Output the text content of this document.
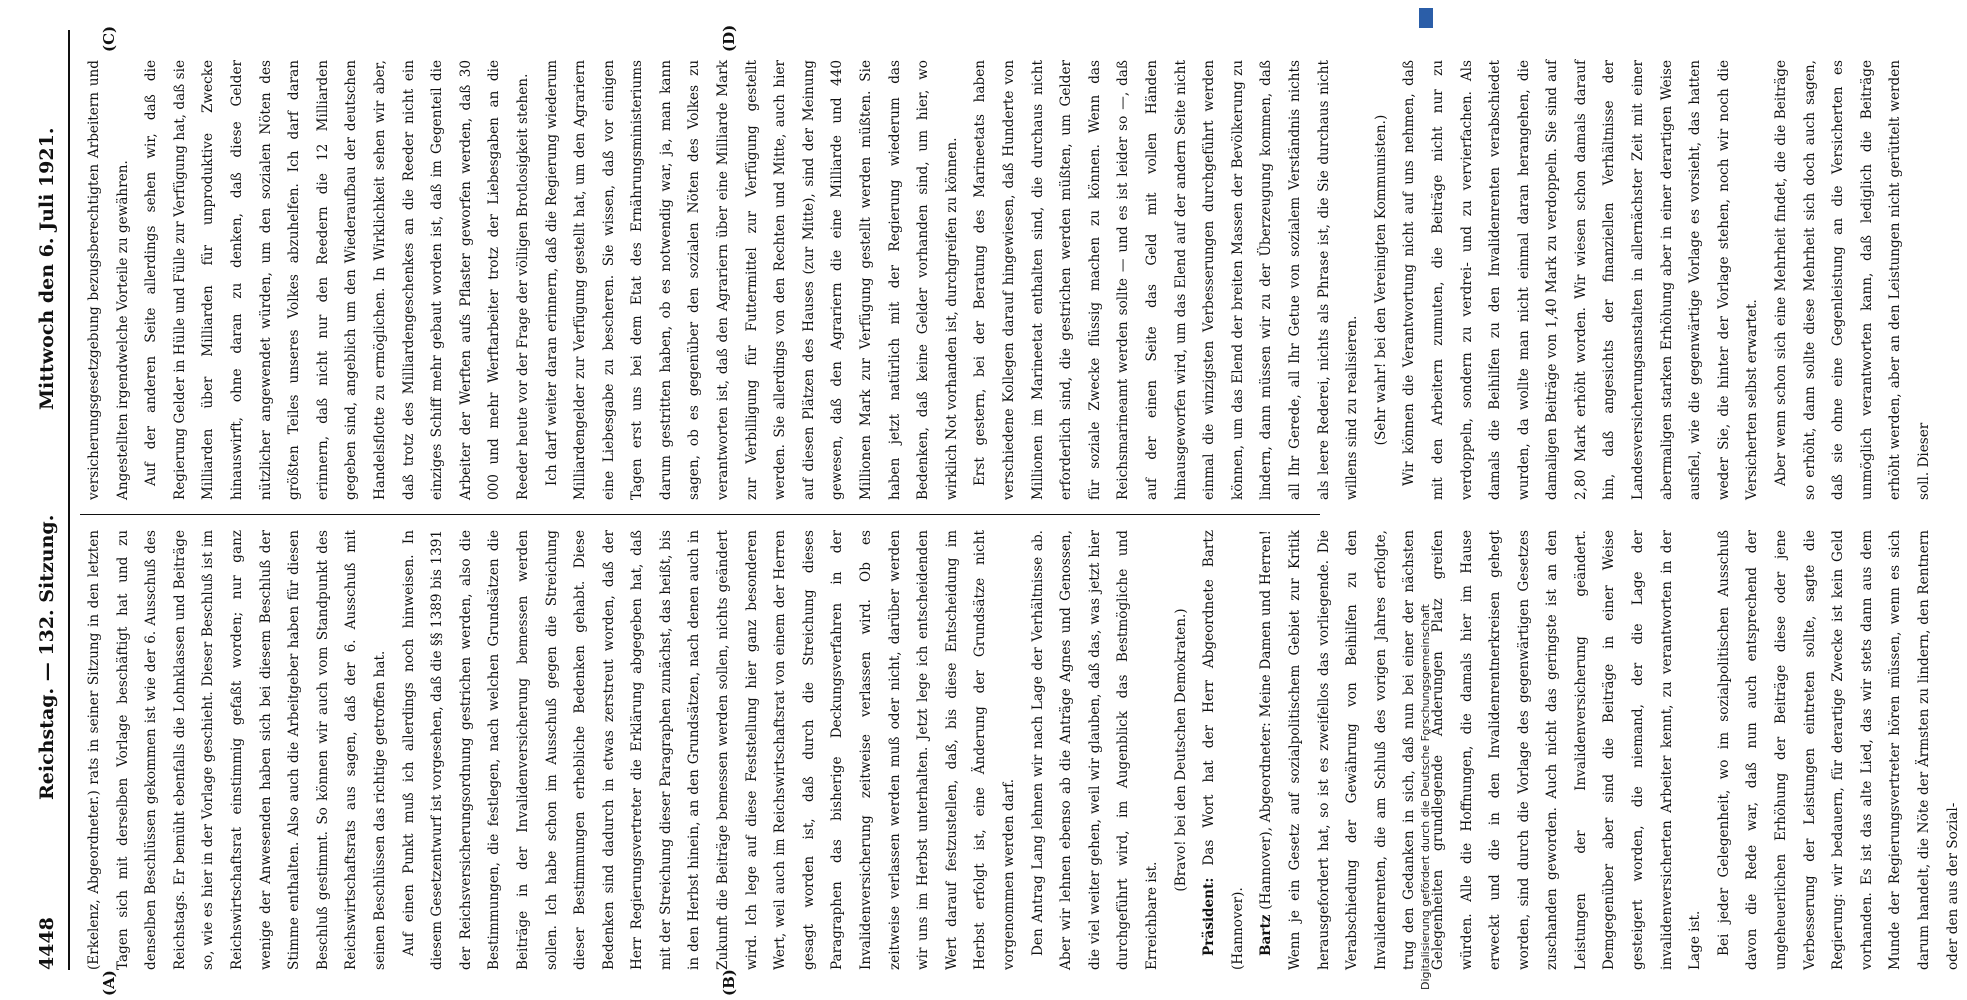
4448
Reichstag. — 132. Sitzung.
Mittwoch den 6. Juli 1921.

(Erkelenz, Abgeordneter.) rats in seiner Sitzung in den letzten Tagen sich mit derselben Vorlage beschäftigt hat und zu denselben Beschlüssen gekommen ist wie der 6. Ausschuß des Reichstags. Er bemüht ebenfalls die Lohnklassen und Beiträge so, wie es hier in der Vorlage geschieht. Dieser Beschluß ist im Reichswirtschaftsrat einstimmig gefaßt worden; nur ganz wenige der Anwesenden haben sich bei diesem Beschluß der Stimme enthalten. Also auch die Arbeitgeber haben für diesen Beschluß gestimmt. So können wir auch vom Standpunkt des Reichswirtschaftsrats aus sagen, daß der 6. Ausschuß mit seinen Beschlüssen das richtige getroffen hat. Auf einen Punkt muß ich allerdings noch hinweisen. In diesem Gesetzentwurf ist vorgesehen, daß die §§ 1389 bis 1391 der Reichsversicherungsordnung gestrichen werden, also die Bestimmungen, die festlegen, nach welchen Grundsätzen die Beiträge in der Invalidenversicherung bemessen werden sollen. Ich habe schon im Ausschuß gegen die Streichung dieser Bestimmungen erhebliche Bedenken gehabt. Diese Bedenken sind dadurch in etwas zerstreut worden, daß der Herr Regierungsvertreter die Erklärung abgegeben hat, daß mit der Streichung dieser Paragraphen zunächst, das heißt, bis in den Herbst hinein, an den Grundsätzen, nach denen auch in Zukunft die Beiträge bemessen werden sollen, nichts geändert wird. Ich lege auf diese Feststellung hier ganz besonderen Wert, weil auch im Reichswirtschaftsrat von einem der Herren gesagt worden ist, daß durch die Streichung dieses Paragraphen das bisherige Deckungsverfahren in der Invalidenversicherung zeitweise verlassen wird. Ob es zeitweise verlassen werden muß oder nicht, darüber werden wir uns im Herbst unterhalten. Jetzt lege ich entscheidenden Wert darauf festzustellen, daß, bis diese Entscheidung im Herbst erfolgt ist, eine Änderung der Grundsätze nicht vorgenommen werden darf. Den Antrag Lang lehnen wir nach Lage der Verhältnisse ab. Aber wir lehnen ebenso ab die Anträge Agnes und Genossen, die viel weiter gehen, weil wir glauben, daß das, was jetzt hier durchgeführt wird, im Augenblick das Bestmögliche und Erreichbare ist.

(Bravo! bei den Deutschen Demokraten.)

Präsident: Das Wort hat der Herr Abgeordnete Bartz (Hannover). Bartz (Hannover), Abgeordneter: Meine Damen und Herren! Wenn je ein Gesetz auf sozialpolitischem Gebiet zur Kritik herausgefordert hat, so ist es zweifellos das vorliegende. Die Verabschiedung der Gewährung von Beihilfen zu den Invalidenrenten, die am Schluß des vorigen Jahres erfolgte, trug den Gedanken in sich, daß nun bei einer der nächsten Gelegenheiten grundlegende Änderungen Platz greifen würden. Alle die Hoffnungen, die damals hier im Hause erweckt und die in den Invalidenrentnerkreisen gehegt worden, sind durch die Vorlage des gegenwärtigen Gesetzes zuschanden geworden. Auch nicht das geringste ist an den Leistungen der Invalidenversicherung geändert. Demgegenüber aber sind die Beiträge in einer Weise gesteigert worden, die niemand, der die Lage der invalidenversicherten Arbeiter kennt, zu verantworten in der Lage ist. Bei jeder Gelegenheit, wo im sozialpolitischen Ausschuß davon die Rede war, daß nun auch entsprechend der ungeheuerlichen Erhöhung der Beiträge diese oder jene Verbesserung der Leistungen eintreten sollte, sagte die Regierung: wir bedauern, für derartige Zwecke ist kein Geld vorhanden. Es ist das alte Lied, das wir stets dann aus dem Munde der Regierungsvertreter hören müssen, wenn es sich darum handelt, die Nöte der Ärmsten zu lindern, den Rentnern oder den aus der Sozial-

versicherungsgesetzgebung bezugsberechtigten Arbeitern und Angestellten irgendwelche Vorteile zu gewähren. Auf der anderen Seite allerdings sehen wir, daß die Regierung Gelder in Hülle und Fülle zur Verfügung hat, daß sie Milliarden über Milliarden für unproduktive Zwecke hinauswirft, ohne daran zu denken, daß diese Gelder nützlicher angewendet würden, um den sozialen Nöten des größten Teiles unseres Volkes abzuhelfen. Ich darf daran erinnern, daß nicht nur den Reedern die 12 Milliarden gegeben sind, angeblich um den Wiederaufbau der deutschen Handelsflotte zu ermöglichen. In Wirklichkeit sehen wir aber, daß trotz des Milliardengeschenkes an die Reeder nicht ein einziges Schiff mehr gebaut worden ist, daß im Gegenteil die Arbeiter der Werften aufs Pflaster geworfen werden, daß 30 000 und mehr Werftarbeiter trotz der Liebesgaben an die Reeder heute vor der Frage der völligen Brotlosigkeit stehen. Ich darf weiter daran erinnern, daß die Regierung wiederum Milliardengelder zur Verfügung gestellt hat, um den Agrariern eine Liebesgabe zu bescheren. Sie wissen, daß vor einigen Tagen erst uns bei dem Etat des Ernährungsministeriums darum gestritten haben, ob es notwendig war, ja, man kann sagen, ob es gegenüber den sozialen Nöten des Volkes zu verantworten ist, daß den Agrariern über eine Milliarde Mark zur Verbilligung für Futtermittel zur Verfügung gestellt werden. Sie allerdings von den Rechten und Mitte, auch hier auf diesen Plätzen des Hauses (zur Mitte), sind der Meinung gewesen, daß den Agrariern die eine Milliarde und 440 Millionen Mark zur Verfügung gestellt werden müßten. Sie haben jetzt natürlich mit der Regierung wiederum das Bedenken, daß keine Gelder vorhanden sind, um hier, wo wirklich Not vorhanden ist, durchgreifen zu können. Erst gestern, bei der Beratung des Marineetats haben verschiedene Kollegen darauf hingewiesen, daß Hunderte von Millionen im Marineetat enthalten sind, die durchaus nicht erforderlich sind, die gestrichen werden müßten, um Gelder für soziale Zwecke flüssig machen zu können. Wenn das Reichsmarineamt werden sollte — und es ist leider so —, daß auf der einen Seite das Geld mit vollen Händen hinausgeworfen wird, um das Elend auf der andern Seite nicht einmal die winzigsten Verbesserungen durchgeführt werden können, um das Elend der breiten Massen der Bevölkerung zu lindern, dann müssen wir zu der Überzeugung kommen, daß all Ihr Gerede, all Ihr Getue von sozialem Verständnis nichts als leere Rederei, nichts als Phrase ist, die Sie durchaus nicht willens sind zu realisieren. (Sehr wahr! bei den Vereinigten Kommunisten.) Wir können die Verantwortung nicht auf uns nehmen, daß mit den Arbeitern zumuten, die Beiträge nicht nur zu verdoppeln, sondern zu verdrei- und zu vervierfachen. Als damals die Beihilfen zu den Invalidenrenten verabschiedet wurden, da wollte man nicht einmal daran herangehen, die damaligen Beiträge von 1,40 Mark zu verdoppeln. Sie sind auf 2,80 Mark erhöht worden. Wir wiesen schon damals darauf hin, daß angesichts der finanziellen Verhältnisse der Landesversicherungsanstalten in allernächster Zeit mit einer abermaligen starken Erhöhung aber in einer derartigen Weise ausfiel, wie die gegenwärtige Vorlage es vorsieht, das hatten weder Sie, die hinter der Vorlage stehen, noch wir noch die Versicherten selbst erwartet. Aber wenn schon sich eine Mehrheit findet, die die Beiträge so erhöht, dann sollte diese Mehrheit sich doch auch sagen, daß sie ohne eine Gegenleistung an die Versicherten es unmöglich verantworten kann, daß lediglich die Beiträge erhöht werden, aber an den Leistungen nicht gerüttelt werden soll. Dieser

(A)	(B)
(C)	(D)
Digitalisierung gefördert durch die Deutsche Forschungsgemeinschaft
